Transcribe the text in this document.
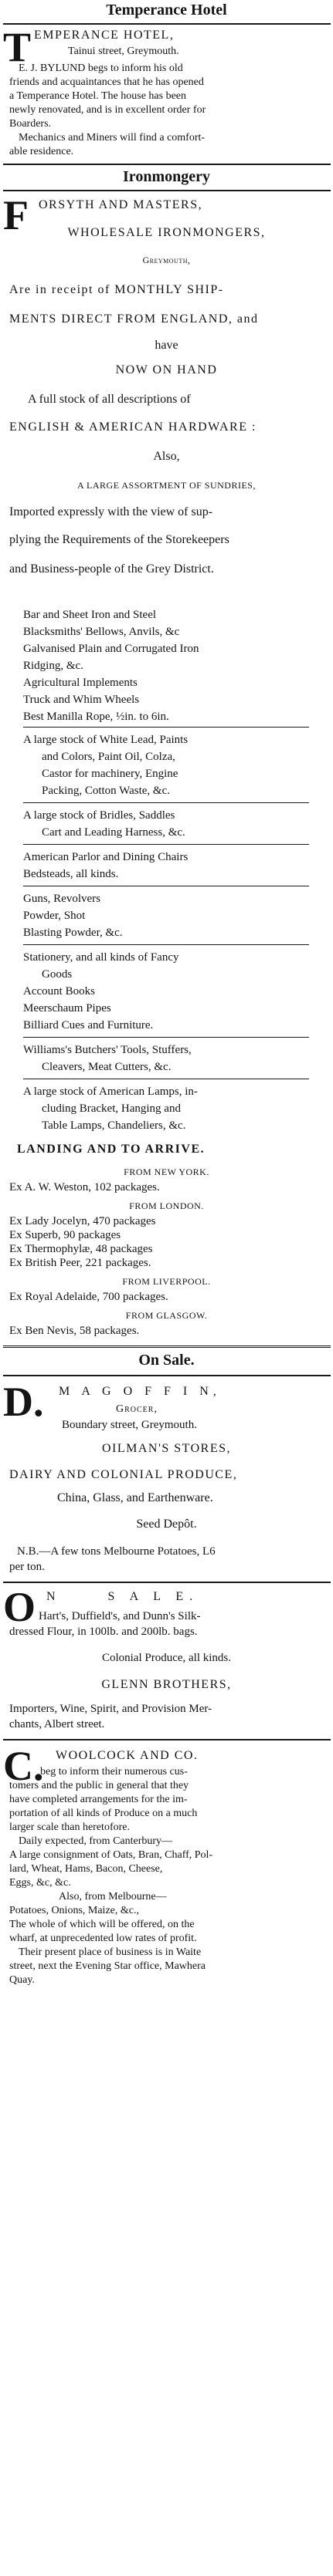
Temperance Hotel
T EMPERANCE HOTEL,
Tainui street, Greymouth.
E. J. BYLUND begs to inform his old
friends and acquaintances that he has opened
a Temperance Hotel. The house has been
newly renovated, and is in excellent order for
Boarders.
Mechanics and Miners will find a comfort-
able residence.
Ironmongery
F ORSYTH AND MASTERS,
WHOLESALE IRONMONGERS,
Greymouth,
Are in receipt of MONTHLY SHIP-
MENTS DIRECT FROM ENGLAND, and
have
NOW ON HAND
A full stock of all descriptions of
ENGLISH & AMERICAN HARDWARE :
Also,
A LARGE ASSORTMENT OF SUNDRIES,
Imported expressly with the view of sup-
plying the Requirements of the Storekeepers
and Business-people of the Grey District.
Bar and Sheet Iron and Steel
Blacksmiths' Bellows, Anvils, &c
Galvanised Plain and Corrugated Iron
Ridging, &c.
Agricultural Implements
Truck and Whim Wheels
Best Manilla Rope, ½in. to 6in.
A large stock of White Lead, Paints
and Colors, Paint Oil, Colza,
Castor for machinery, Engine
Packing, Cotton Waste, &c.
A large stock of Bridles, Saddles
Cart and Leading Harness, &c.
American Parlor and Dining Chairs
Bedsteads, all kinds.
Guns, Revolvers
Powder, Shot
Blasting Powder, &c.
Stationery, and all kinds of Fancy
Goods
Account Books
Meerschaum Pipes
Billiard Cues and Furniture.
Williams's Butchers' Tools, Stuffers,
Cleavers, Meat Cutters, &c.
A large stock of American Lamps, in-
cluding Bracket, Hanging and
Table Lamps, Chandeliers, &c.
LANDING AND TO ARRIVE.
FROM NEW YORK.
Ex A. W. Weston, 102 packages.
FROM LONDON.
Ex Lady Jocelyn, 470 packages
Ex Superb, 90 packages
Ex Thermophylæ, 48 packages
Ex British Peer, 221 packages.
FROM LIVERPOOL.
Ex Royal Adelaide, 700 packages.
FROM GLASGOW.
Ex Ben Nevis, 58 packages.
On Sale.
D. M A G O F F I N,
Grocer,
Boundary street, Greymouth.
OILMAN'S STORES,
DAIRY AND COLONIAL PRODUCE,
China, Glass, and Earthenware.
Seed Depôt.
N.B.—A few tons Melbourne Potatoes, L6
per ton.
O N     S A L E.
Hart's, Duffield's, and Dunn's Silk-
dressed Flour, in 100lb. and 200lb. bags.
Colonial Produce, all kinds.
GLENN BROTHERS,
Importers, Wine, Spirit, and Provision Mer-
chants, Albert street.
C. WOOLCOCK AND CO.
beg to inform their numerous cus-
tomers and the public in general that they
have completed arrangements for the im-
portation of all kinds of Produce on a much
larger scale than heretofore.
Daily expected, from Canterbury—
A large consignment of Oats, Bran, Chaff, Pol-
lard, Wheat, Hams, Bacon, Cheese,
Eggs, &c, &c.
Also, from Melbourne—
Potatoes, Onions, Maize, &c.,
The whole of which will be offered, on the
wharf, at unprecedented low rates of profit.
Their present place of business is in Waite
street, next the Evening Star office, Mawhera
Quay.
